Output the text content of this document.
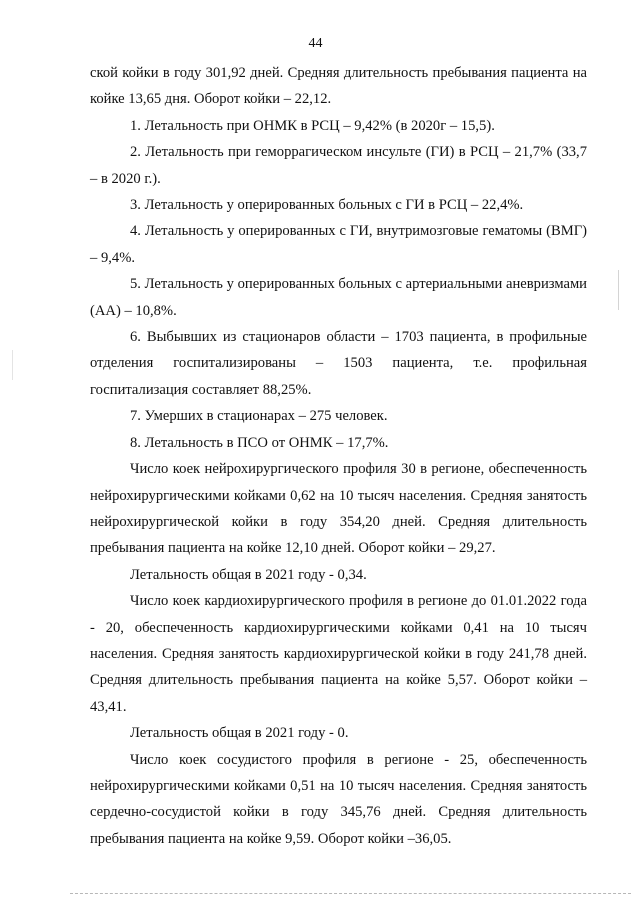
44

ской койки в году 301,92 дней. Средняя длительность пребывания пациента на койке 13,65 дня. Оборот койки – 22,12.

1. Летальность при ОНМК в РСЦ – 9,42% (в 2020г – 15,5).

2. Летальность при геморрагическом инсульте (ГИ) в РСЦ – 21,7% (33,7 – в 2020 г.).

3. Летальность у оперированных больных с ГИ в РСЦ – 22,4%.

4. Летальность у оперированных с ГИ, внутримозговые гематомы (ВМГ) – 9,4%.

5. Летальность у оперированных больных с артериальными аневризмами (АА) – 10,8%.

6. Выбывших из стационаров области – 1703 пациента, в профильные отделения госпитализированы – 1503 пациента, т.е. профильная госпитализация составляет 88,25%.

7. Умерших в стационарах – 275 человек.

8. Летальность в ПСО от ОНМК – 17,7%.

Число коек нейрохирургического профиля 30 в регионе, обеспеченность нейрохирургическими койками 0,62 на 10 тысяч населения. Средняя занятость нейрохирургической койки в году 354,20 дней. Средняя длительность пребывания пациента на койке 12,10 дней. Оборот койки – 29,27.

Летальность общая в 2021 году - 0,34.

Число коек кардиохирургического профиля в регионе до 01.01.2022 года - 20, обеспеченность кардиохирургическими койками 0,41 на 10 тысяч населения. Средняя занятость кардиохирургической койки в году 241,78 дней. Средняя длительность пребывания пациента на койке 5,57. Оборот койки – 43,41.

Летальность общая в 2021 году - 0.

Число коек сосудистого профиля в регионе - 25, обеспеченность нейрохирургическими койками 0,51 на 10 тысяч населения. Средняя занятость сердечно-сосудистой койки в году 345,76 дней. Средняя длительность пребывания пациента на койке 9,59. Оборот койки –36,05.
